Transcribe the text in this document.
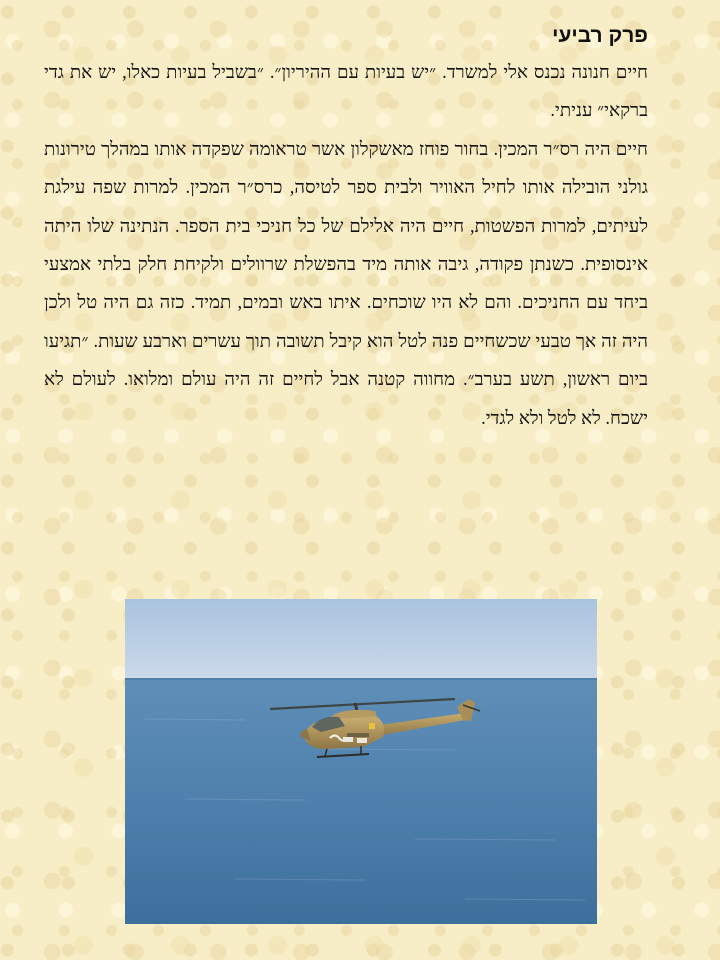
פרק רביעי

חיים חנונה נכנס אלי למשרד. ״יש בעיות עם ההיריון״. ״בשביל בעיות כאלו, יש את גדי ברקאי״ עניתי.

חיים היה רס״ר המכין. בחור פוחז מאשקלון אשר טראומה שפקדה אותו במהלך טירונות גולני הובילה אותו לחיל האוויר ולבית ספר לטיסה, כרס״ר המכין. למרות שפה עילגת לעיתים, למרות הפשטות, חיים היה אלילם של כל חניכי בית הספר. הנתינה שלו היתה אינסופית. כשנתן פקודה, גיבה אותה מיד בהפשלת שרוולים ולקיחת חלק בלתי אמצעי ביחד עם החניכים. והם לא היו שוכחים. איתו באש ובמים, תמיד. כזה גם היה טל ולכן היה זה אך טבעי שכשחיים פנה לטל הוא קיבל תשובה תוך עשרים וארבע שעות. ״תגיעו ביום ראשון, תשע בערב״. מחווה קטנה אבל לחיים זה היה עולם ומלואו. לעולם לא ישכח. לא לטל ולא לגדי.
